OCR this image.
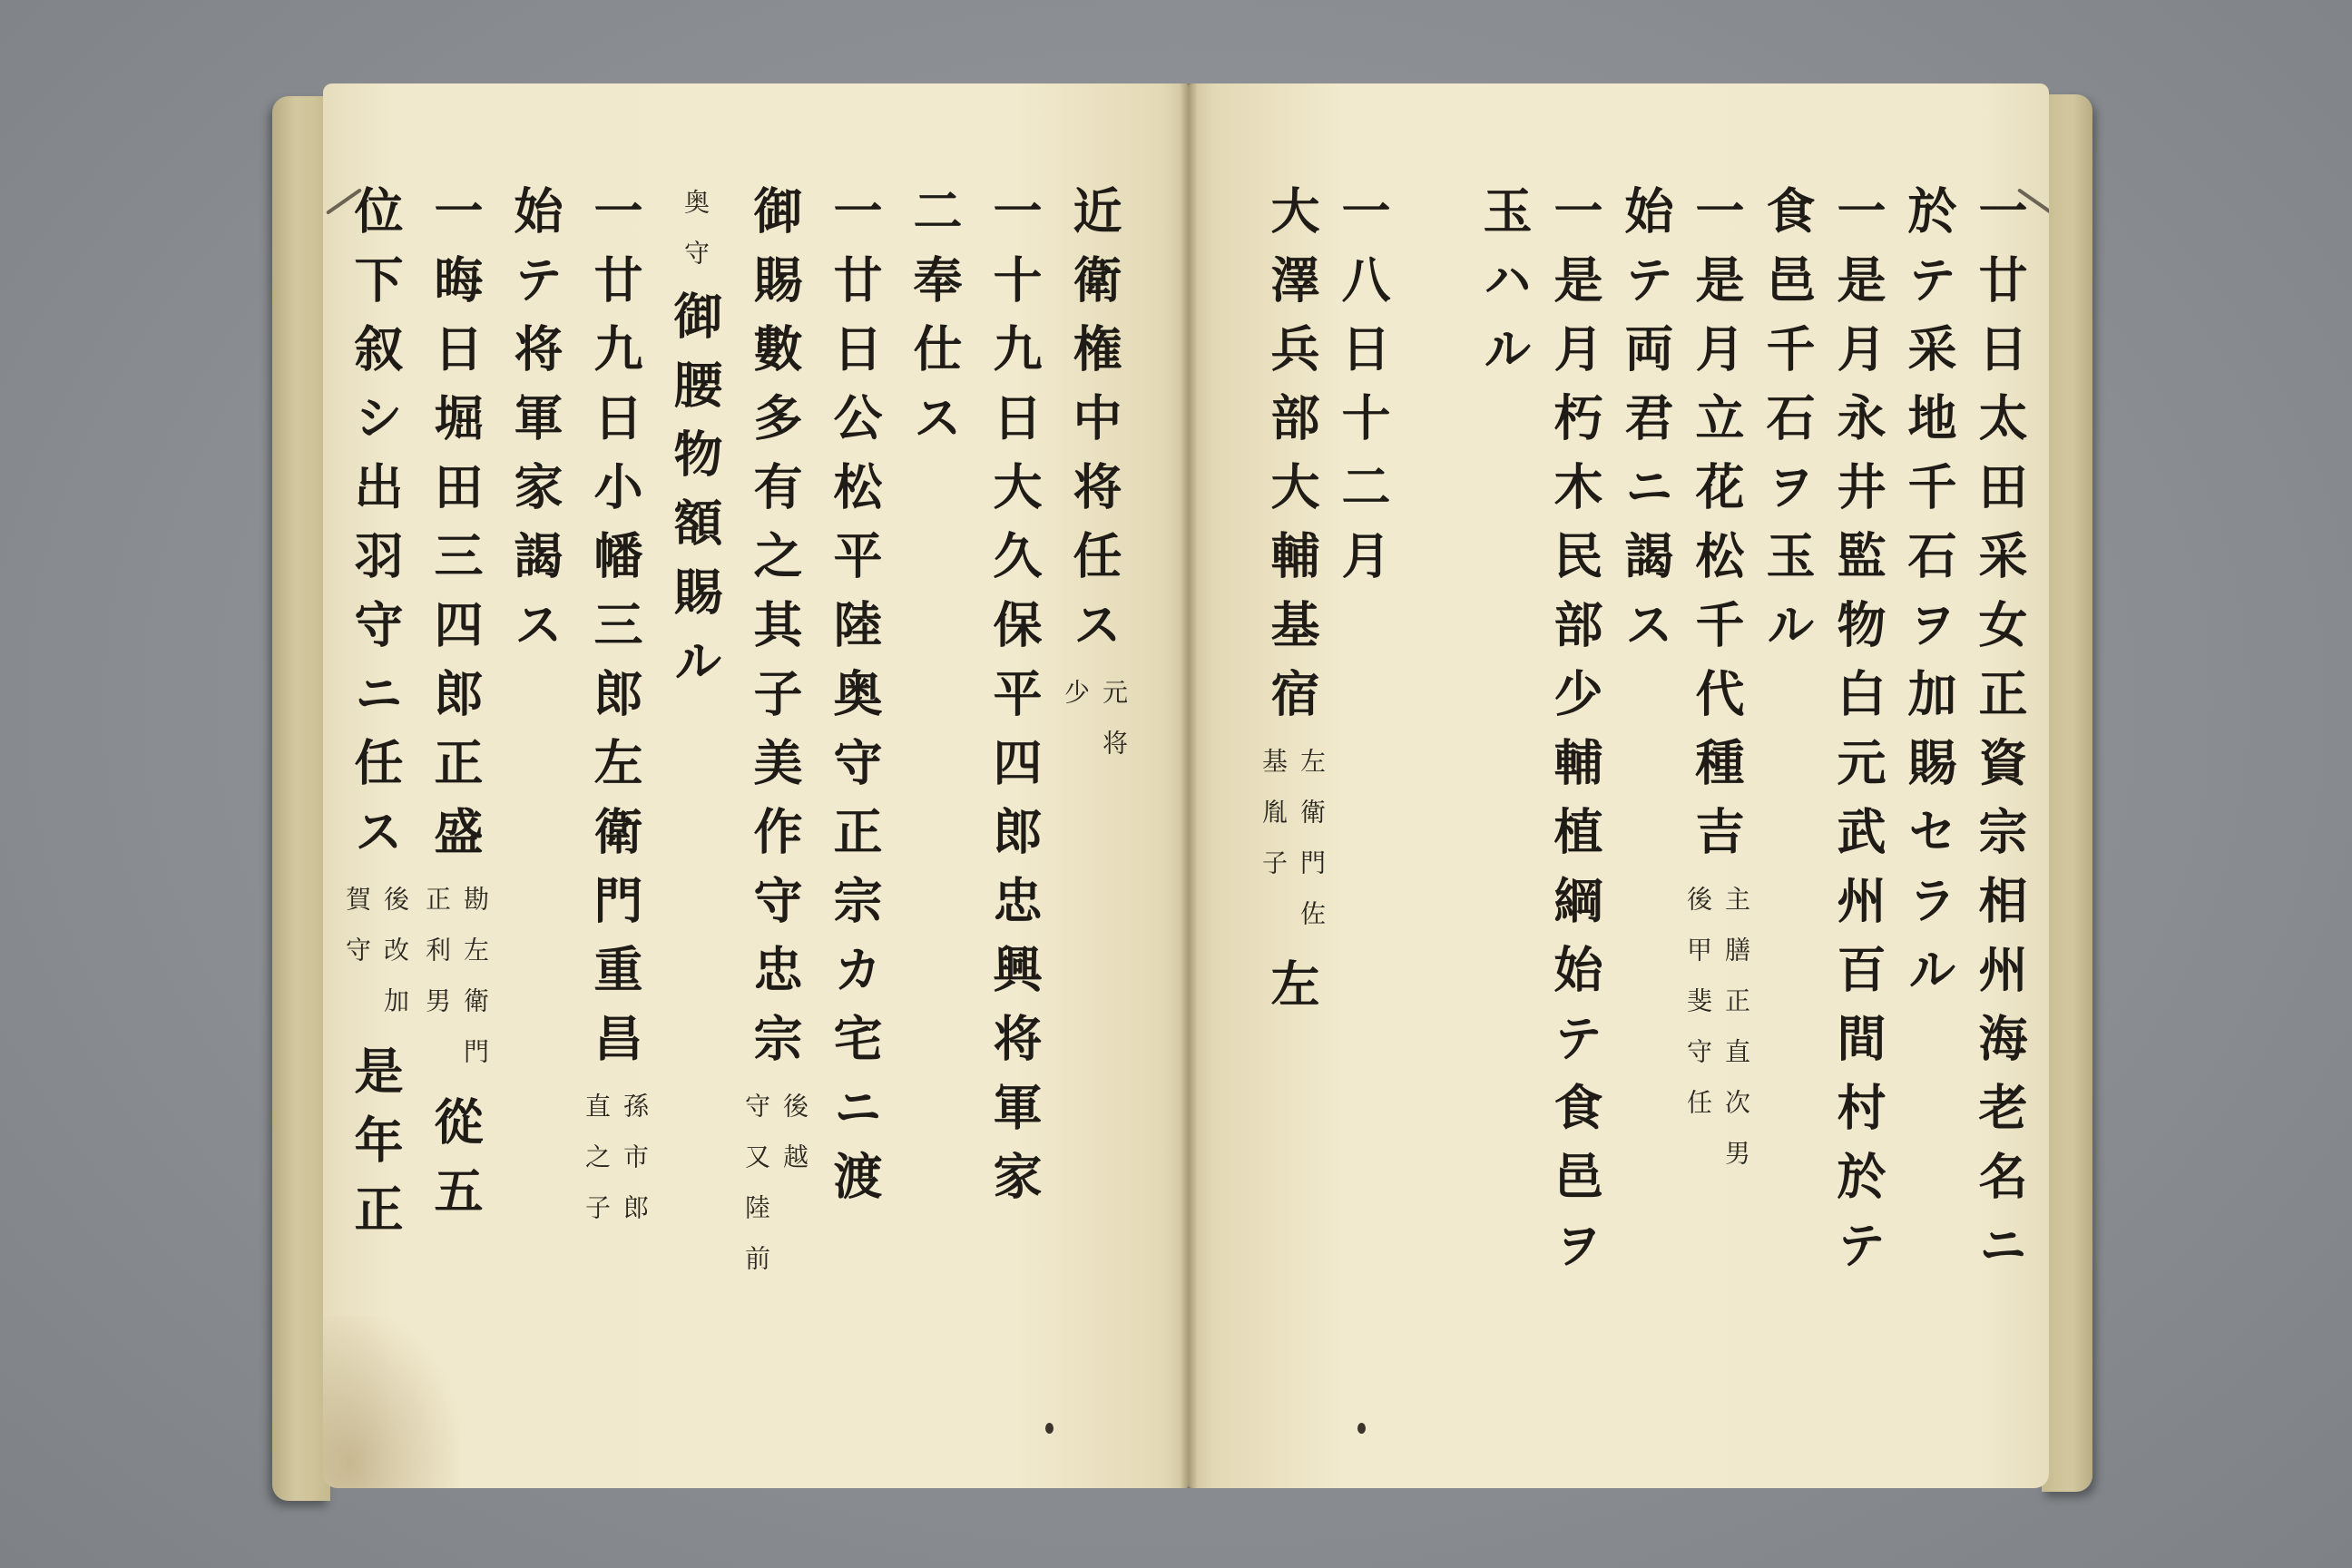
近衛権中将任ス
元将
少
一十九日大久保平四郎忠興将軍家
二奉仕ス
一廿日公松平陸奥守正宗カ宅ニ渡
御賜數多有之其子美作守忠宗
後越
守又陸前
奥守
御腰物額賜ル
一廿九日小幡三郎左衛門重昌
孫市郎
直之子
始テ将軍家謁ス
一晦日堀田三四郎正盛
勘左衛門
正利男
從五
位下叙シ出羽守ニ任ス
後改加
賀守
是年正	一廿日太田采女正資宗相州海老名ニ
於テ采地千石ヲ加賜セラル
一是月永井監物白元武州百間村於テ
食邑千石ヲ玉ル
一是月立花松千代種吉
主膳正直次男
後甲斐守任
始テ両君ニ謁ス
一是月朽木民部少輔植綱始テ食邑ヲ
玉ハル
一八日十二月
大澤兵部大輔基宿
左衛門佐
基胤子
左
